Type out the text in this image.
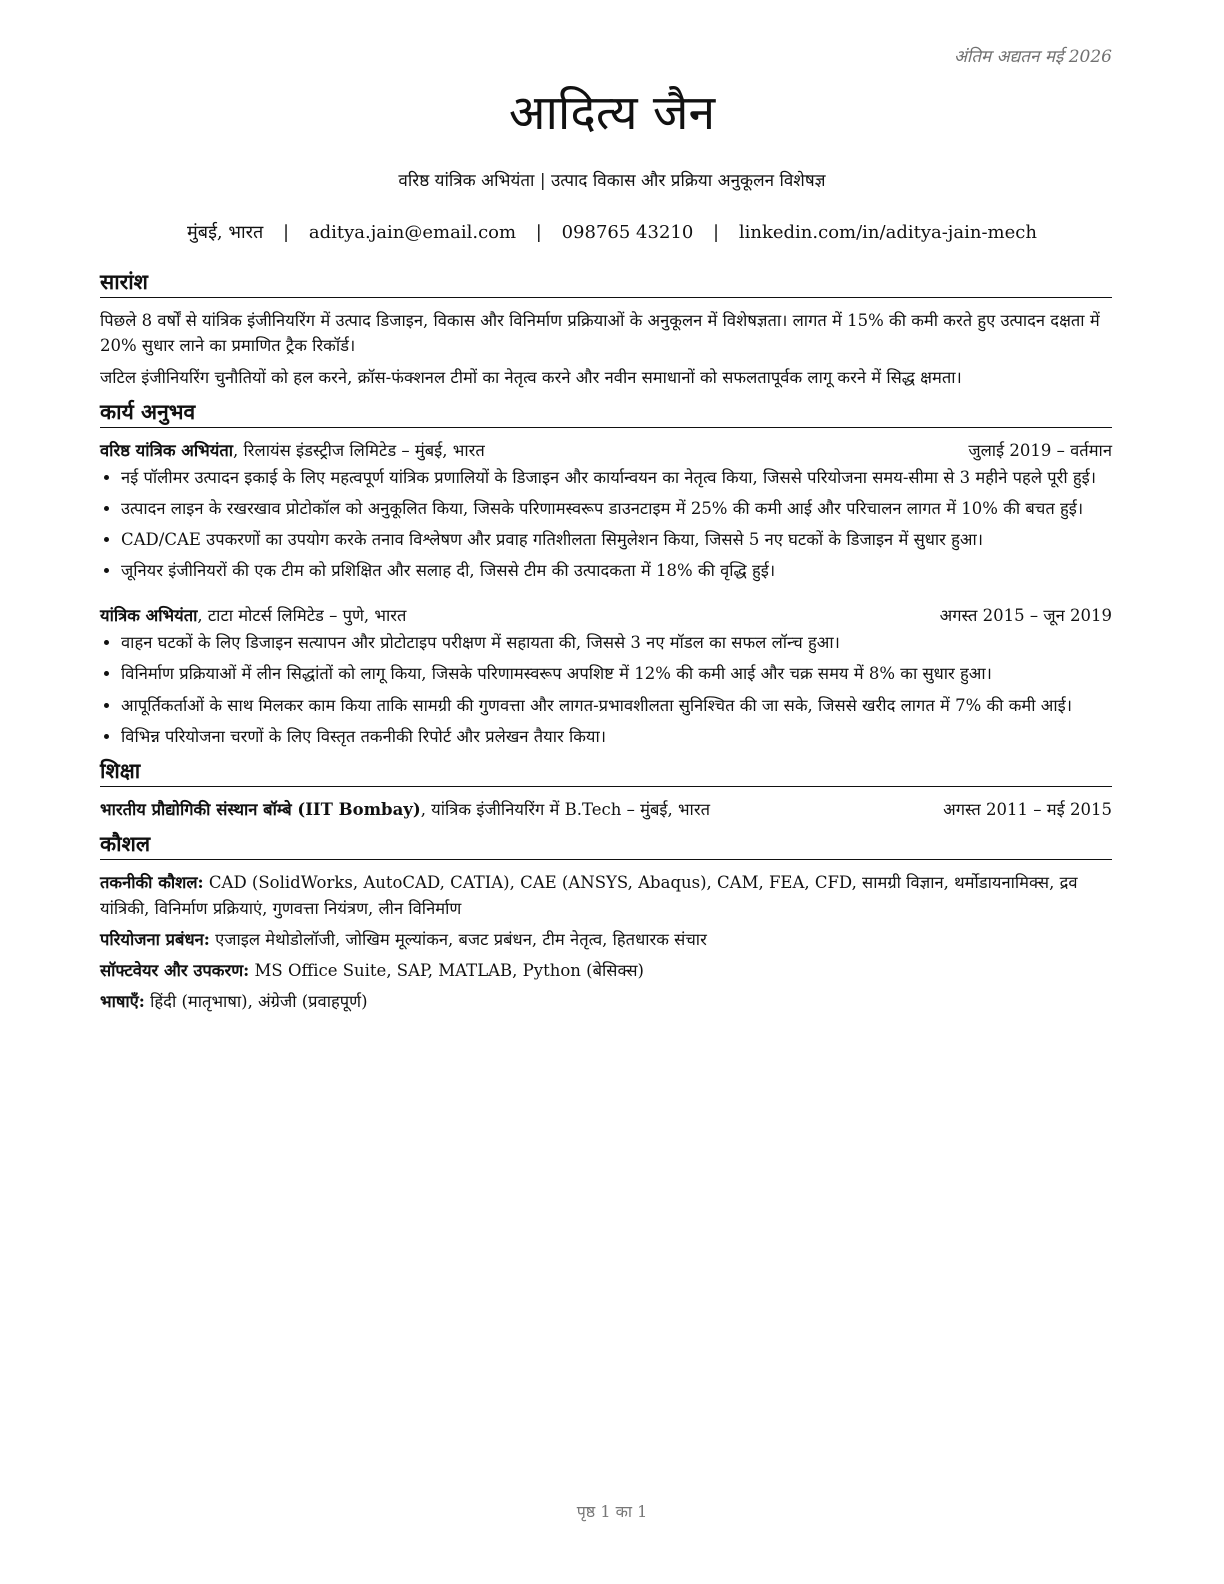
अंतिम अद्यतन मई 2026
आदित्य जैन
वरिष्ठ यांत्रिक अभियंता | उत्पाद विकास और प्रक्रिया अनुकूलन विशेषज्ञ
मुंबई, भारत | aditya.jain@email.com | 098765 43210 | linkedin.com/in/aditya-jain-mech
सारांश

पिछले 8 वर्षों से यांत्रिक इंजीनियरिंग में उत्पाद डिजाइन, विकास और विनिर्माण प्रक्रियाओं के अनुकूलन में विशेषज्ञता। लागत में 15% की कमी करते हुए उत्पादन दक्षता में 20% सुधार लाने का प्रमाणित ट्रैक रिकॉर्ड।

जटिल इंजीनियरिंग चुनौतियों को हल करने, क्रॉस-फंक्शनल टीमों का नेतृत्व करने और नवीन समाधानों को सफलतापूर्वक लागू करने में सिद्ध क्षमता।

कार्य अनुभव
वरिष्ठ यांत्रिक अभियंता, रिलायंस इंडस्ट्रीज लिमिटेड – मुंबई, भारत	जुलाई 2019 – वर्तमान
• नई पॉलीमर उत्पादन इकाई के लिए महत्वपूर्ण यांत्रिक प्रणालियों के डिजाइन और कार्यान्वयन का नेतृत्व किया, जिससे परियोजना समय-सीमा से 3 महीने पहले पूरी हुई।
• उत्पादन लाइन के रखरखाव प्रोटोकॉल को अनुकूलित किया, जिसके परिणामस्वरूप डाउनटाइम में 25% की कमी आई और परिचालन लागत में 10% की बचत हुई।
• CAD/CAE उपकरणों का उपयोग करके तनाव विश्लेषण और प्रवाह गतिशीलता सिमुलेशन किया, जिससे 5 नए घटकों के डिजाइन में सुधार हुआ।
• जूनियर इंजीनियरों की एक टीम को प्रशिक्षित और सलाह दी, जिससे टीम की उत्पादकता में 18% की वृद्धि हुई।
यांत्रिक अभियंता, टाटा मोटर्स लिमिटेड – पुणे, भारत	अगस्त 2015 – जून 2019
• वाहन घटकों के लिए डिजाइन सत्यापन और प्रोटोटाइप परीक्षण में सहायता की, जिससे 3 नए मॉडल का सफल लॉन्च हुआ।
• विनिर्माण प्रक्रियाओं में लीन सिद्धांतों को लागू किया, जिसके परिणामस्वरूप अपशिष्ट में 12% की कमी आई और चक्र समय में 8% का सुधार हुआ।
• आपूर्तिकर्ताओं के साथ मिलकर काम किया ताकि सामग्री की गुणवत्ता और लागत-प्रभावशीलता सुनिश्चित की जा सके, जिससे खरीद लागत में 7% की कमी आई।
• विभिन्न परियोजना चरणों के लिए विस्तृत तकनीकी रिपोर्ट और प्रलेखन तैयार किया।
शिक्षा
भारतीय प्रौद्योगिकी संस्थान बॉम्बे (IIT Bombay), यांत्रिक इंजीनियरिंग में B.Tech – मुंबई, भारत	अगस्त 2011 – मई 2015
कौशल

तकनीकी कौशल: CAD (SolidWorks, AutoCAD, CATIA), CAE (ANSYS, Abaqus), CAM, FEA, CFD, सामग्री विज्ञान, थर्मोडायनामिक्स, द्रव यांत्रिकी, विनिर्माण प्रक्रियाएं, गुणवत्ता नियंत्रण, लीन विनिर्माण

परियोजना प्रबंधन: एजाइल मेथोडोलॉजी, जोखिम मूल्यांकन, बजट प्रबंधन, टीम नेतृत्व, हितधारक संचार

सॉफ्टवेयर और उपकरण: MS Office Suite, SAP, MATLAB, Python (बेसिक्स)

भाषाएँ: हिंदी (मातृभाषा), अंग्रेजी (प्रवाहपूर्ण)

पृष्ठ 1 का 1
